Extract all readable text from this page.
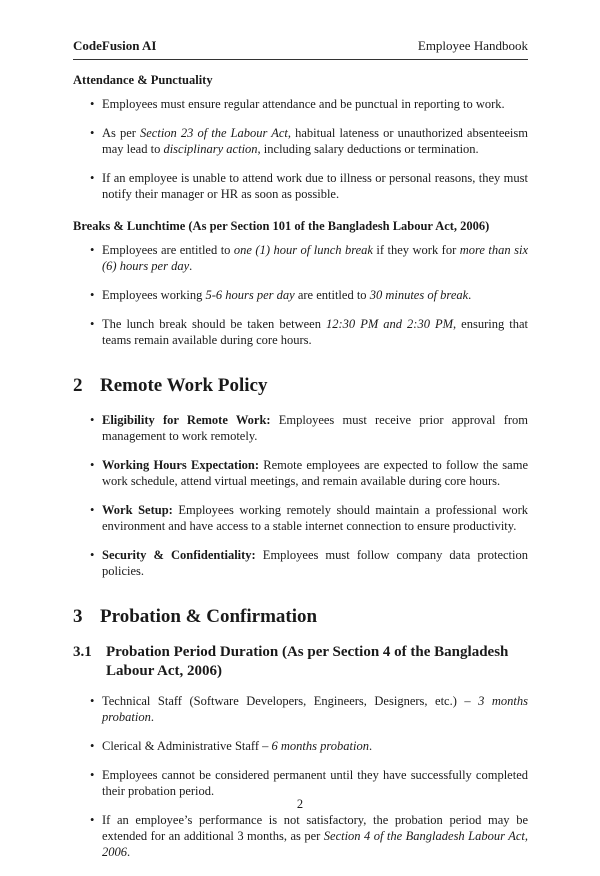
CodeFusion AI	Employee Handbook
Attendance & Punctuality
• Employees must ensure regular attendance and be punctual in reporting to work.
• As per Section 23 of the Labour Act, habitual lateness or unauthorized absenteeism may lead to disciplinary action, including salary deductions or termination.
• If an employee is unable to attend work due to illness or personal reasons, they must notify their manager or HR as soon as possible.
Breaks & Lunchtime (As per Section 101 of the Bangladesh Labour Act, 2006)
• Employees are entitled to one (1) hour of lunch break if they work for more than six (6) hours per day.
• Employees working 5-6 hours per day are entitled to 30 minutes of break.
• The lunch break should be taken between 12:30 PM and 2:30 PM, ensuring that teams remain available during core hours.
2 Remote Work Policy
• Eligibility for Remote Work: Employees must receive prior approval from management to work remotely.
• Working Hours Expectation: Remote employees are expected to follow the same work schedule, attend virtual meetings, and remain available during core hours.
• Work Setup: Employees working remotely should maintain a professional work environment and have access to a stable internet connection to ensure productivity.
• Security & Confidentiality: Employees must follow company data protection policies.
3 Probation & Confirmation
3.1 Probation Period Duration (As per Section 4 of the Bangladesh Labour Act, 2006)
• Technical Staff (Software Developers, Engineers, Designers, etc.) – 3 months probation.
• Clerical & Administrative Staff – 6 months probation.
• Employees cannot be considered permanent until they have successfully completed their probation period.
• If an employee’s performance is not satisfactory, the probation period may be extended for an additional 3 months, as per Section 4 of the Bangladesh Labour Act, 2006.
2
